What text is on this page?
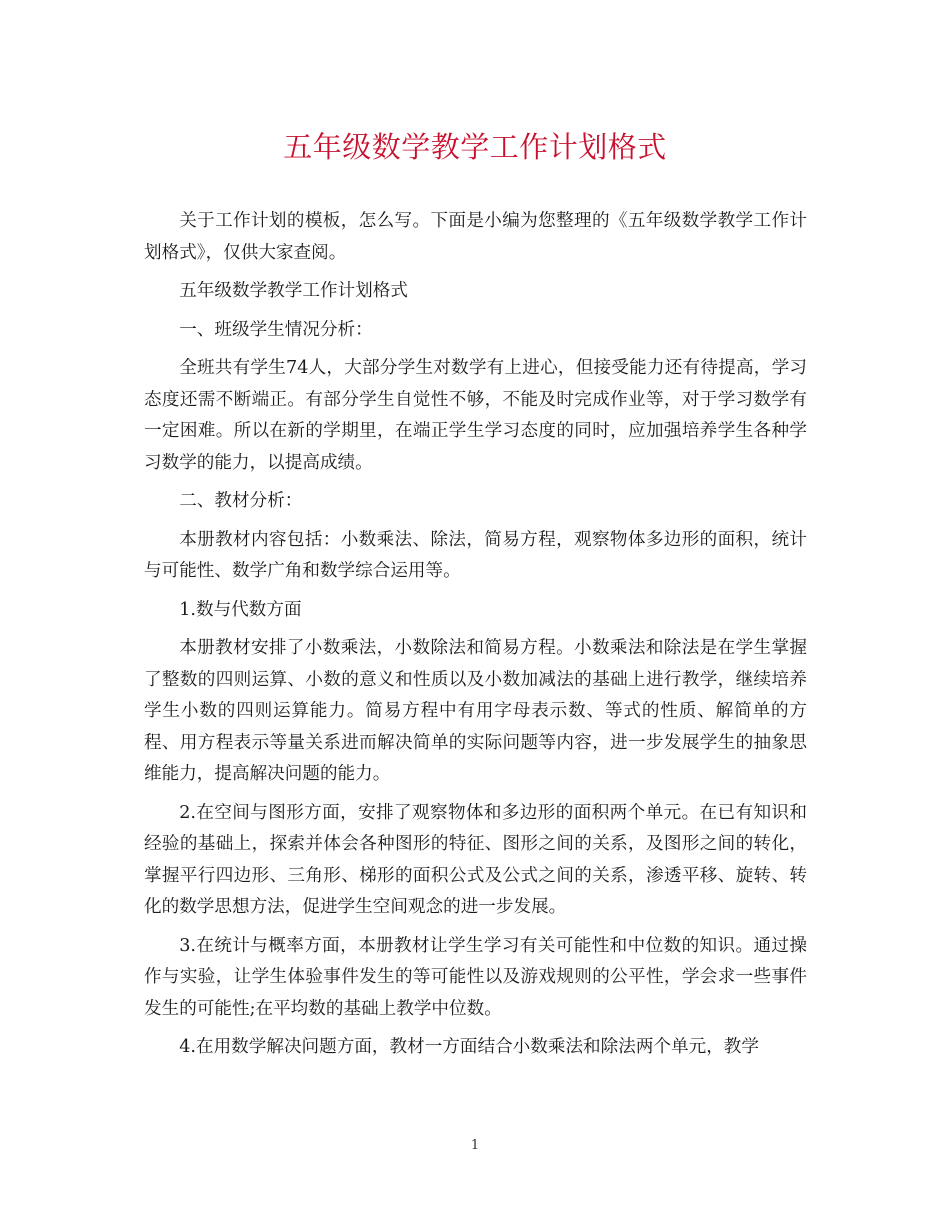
五年级数学教学工作计划格式

关于工作计划的模板，怎么写。下面是小编为您整理的《五年级数学教学工作计划格式》，仅供大家查阅。

五年级数学教学工作计划格式

一、班级学生情况分析：

全班共有学生74人，大部分学生对数学有上进心，但接受能力还有待提高，学习态度还需不断端正。有部分学生自觉性不够，不能及时完成作业等，对于学习数学有一定困难。所以在新的学期里，在端正学生学习态度的同时，应加强培养学生各种学习数学的能力，以提高成绩。

二、教材分析：

本册教材内容包括：小数乘法、除法，简易方程，观察物体多边形的面积，统计与可能性、数学广角和数学综合运用等。

1.数与代数方面

本册教材安排了小数乘法，小数除法和简易方程。小数乘法和除法是在学生掌握了整数的四则运算、小数的意义和性质以及小数加减法的基础上进行教学，继续培养学生小数的四则运算能力。简易方程中有用字母表示数、等式的性质、解简单的方程、用方程表示等量关系进而解决简单的实际问题等内容，进一步发展学生的抽象思维能力，提高解决问题的能力。

2.在空间与图形方面，安排了观察物体和多边形的面积两个单元。在已有知识和经验的基础上，探索并体会各种图形的特征、图形之间的关系，及图形之间的转化，掌握平行四边形、三角形、梯形的面积公式及公式之间的关系，渗透平移、旋转、转化的数学思想方法，促进学生空间观念的进一步发展。

3.在统计与概率方面，本册教材让学生学习有关可能性和中位数的知识。通过操作与实验，让学生体验事件发生的等可能性以及游戏规则的公平性，学会求一些事件发生的可能性;在平均数的基础上教学中位数。

4.在用数学解决问题方面，教材一方面结合小数乘法和除法两个单元，教学

1
